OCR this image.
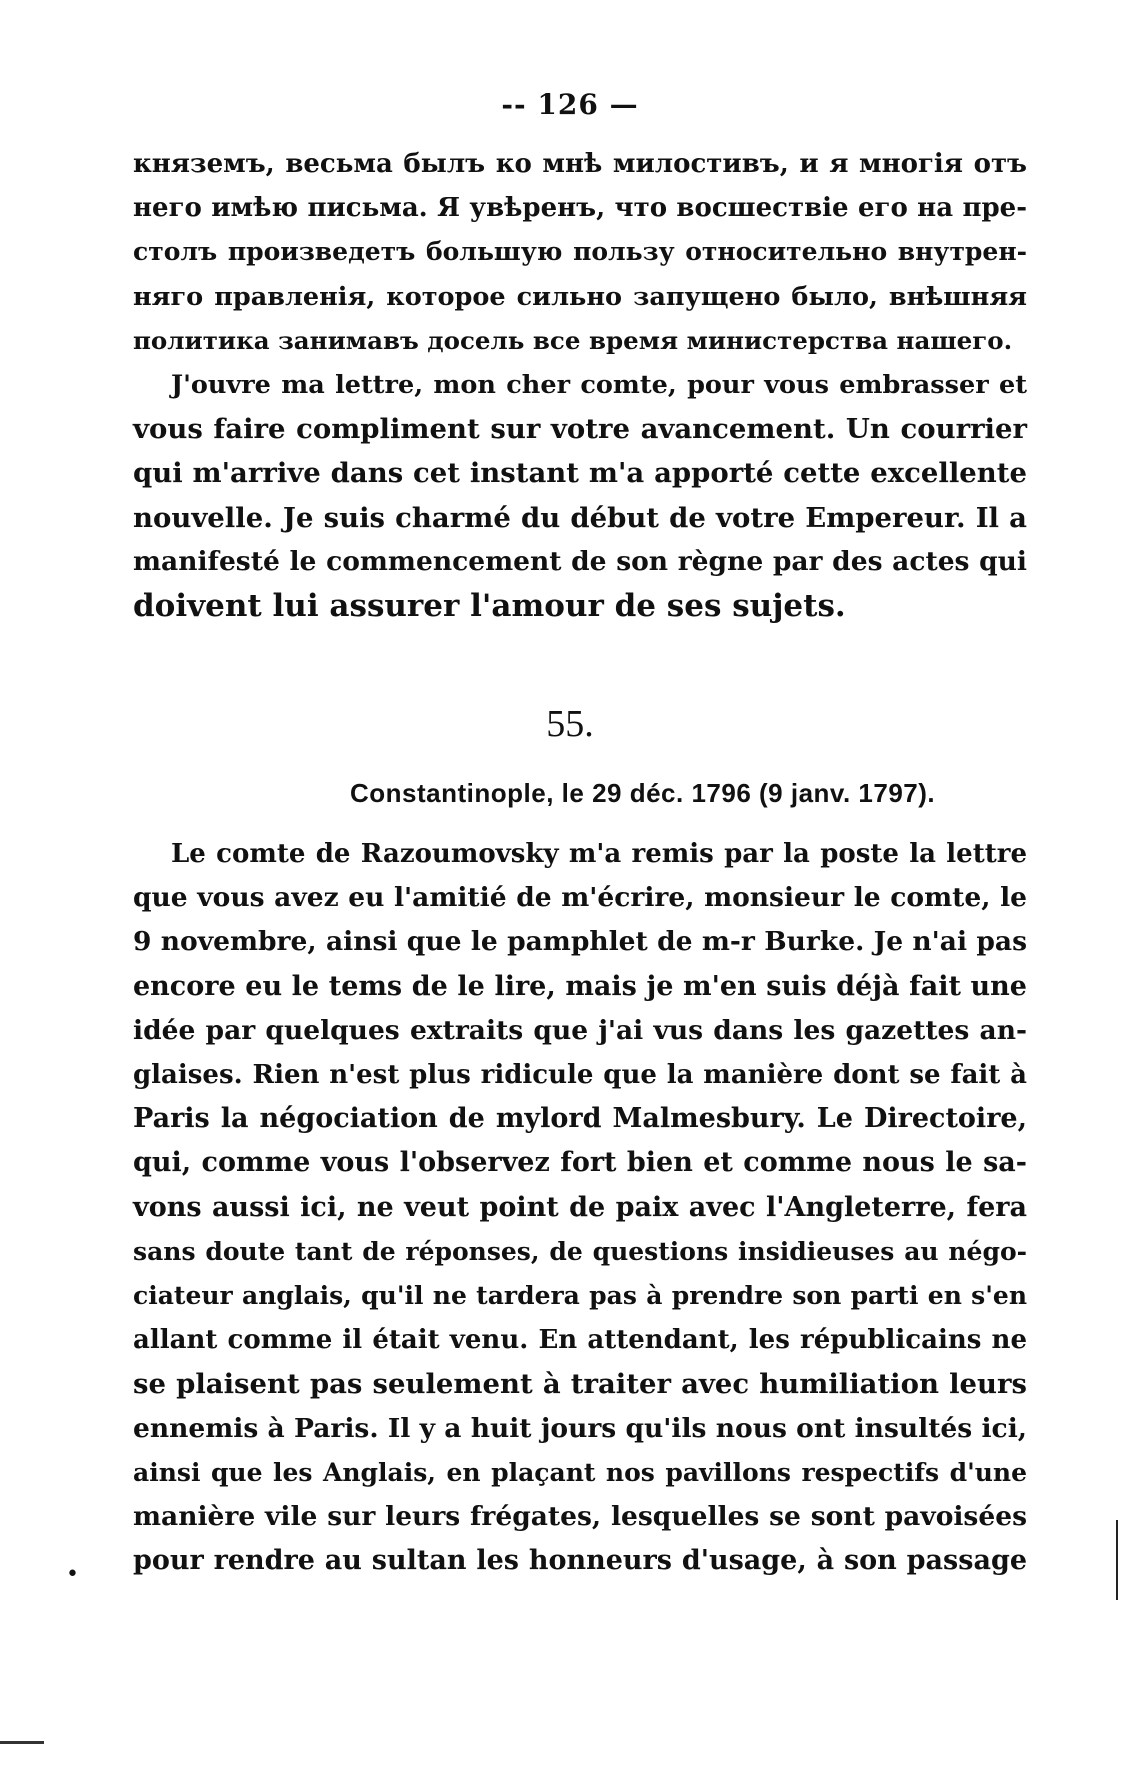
-- 126 —
княземъ, весьма былъ ко мнѣ милостивъ, и я многія отъ
него имѣю письма. Я увѣренъ, что восшествіе его на пре-
столъ произведетъ большую пользу относительно внутрен-
няго правленія, которое сильно запущено было, внѣшняя
политика занимавъ досель все время министерства нашего.
J'ouvre ma lettre, mon cher comte, pour vous embrasser et
vous faire compliment sur votre avancement. Un courrier
qui m'arrive dans cet instant m'a apporté cette excellente
nouvelle. Je suis charmé du début de votre Empereur. Il a
manifesté le commencement de son règne par des actes qui
doivent lui assurer l'amour de ses sujets.
55.
Constantinople, le 29 déc. 1796 (9 janv. 1797).
Le comte de Razoumovsky m'a remis par la poste la lettre
que vous avez eu l'amitié de m'écrire, monsieur le comte, le
9 novembre, ainsi que le pamphlet de m-r Burke. Je n'ai pas
encore eu le tems de le lire, mais je m'en suis déjà fait une
idée par quelques extraits que j'ai vus dans les gazettes an-
glaises. Rien n'est plus ridicule que la manière dont se fait à
Paris la négociation de mylord Malmesbury. Le Directoire,
qui, comme vous l'observez fort bien et comme nous le sa-
vons aussi ici, ne veut point de paix avec l'Angleterre, fera
sans doute tant de réponses, de questions insidieuses au négo-
ciateur anglais, qu'il ne tardera pas à prendre son parti en s'en
allant comme il était venu. En attendant, les républicains ne
se plaisent pas seulement à traiter avec humiliation leurs
ennemis à Paris. Il y a huit jours qu'ils nous ont insultés ici,
ainsi que les Anglais, en plaçant nos pavillons respectifs d'une
manière vile sur leurs frégates, lesquelles se sont pavoisées
pour rendre au sultan les honneurs d'usage, à son passage
•
